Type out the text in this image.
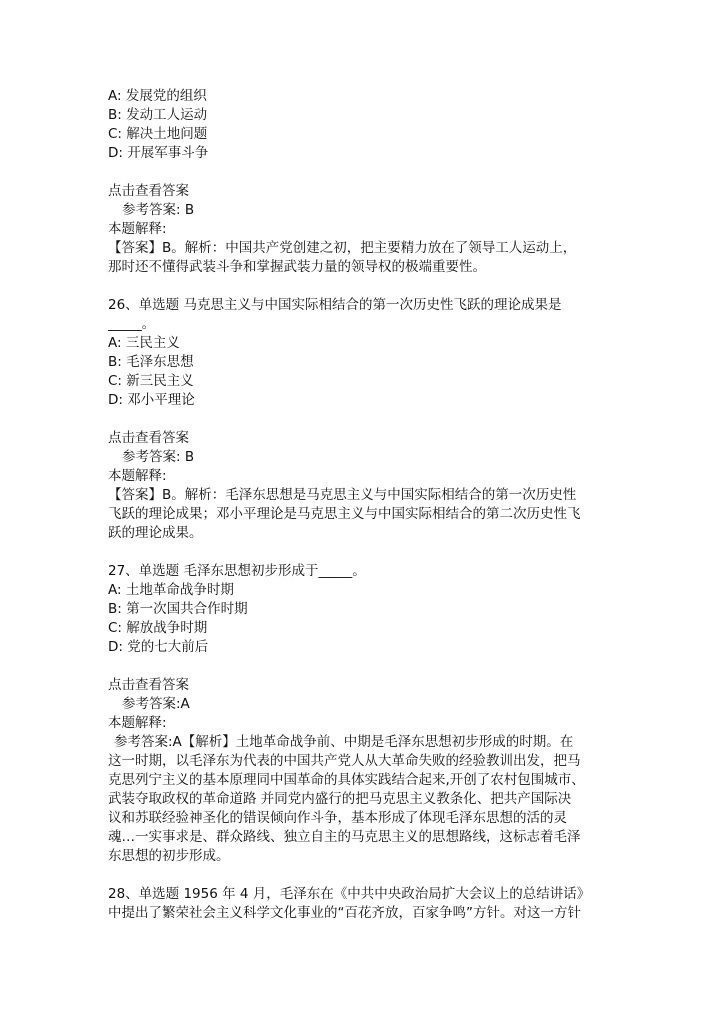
A: 发展党的组织

B: 发动工人运动

C: 解决土地问题

D: 开展军事斗争

点击查看答案

参考答案: B

本题解释:

【答案】B。解析：中国共产党创建之初，把主要精力放在了领导工人运动上，

那时还不懂得武装斗争和掌握武装力量的领导权的极端重要性。

26、单选题 马克思主义与中国实际相结合的第一次历史性飞跃的理论成果是

_____。

A: 三民主义

B: 毛泽东思想

C: 新三民主义

D: 邓小平理论

点击查看答案

参考答案: B

本题解释:

【答案】B。解析：毛泽东思想是马克思主义与中国实际相结合的第一次历史性

飞跃的理论成果；邓小平理论是马克思主义与中国实际相结合的第二次历史性飞

跃的理论成果。

27、单选题 毛泽东思想初步形成于_____。

A: 土地革命战争时期

B: 第一次国共合作时期

C: 解放战争时期

D: 党的七大前后

点击查看答案

参考答案:A

本题解释:

参考答案:A【解析】土地革命战争前、中期是毛泽东思想初步形成的时期。在

这一时期，以毛泽东为代表的中国共产党人从大革命失败的经验教训出发，把马

克思列宁主义的基本原理同中国革命的具体实践结合起来,开创了农村包围城市、

武装夺取政权的革命道路 并同党内盛行的把马克思主义教条化、把共产国际决

议和苏联经验神圣化的错误倾向作斗争，基本形成了体现毛泽东思想的活的灵

魂…一实事求是、群众路线、独立自主的马克思主义的思想路线，这标志着毛泽

东思想的初步形成。

28、单选题 1956 年 4 月，毛泽东在《中共中央政治局扩大会议上的总结讲话》

中提出了繁荣社会主义科学文化事业的“百花齐放，百家争鸣”方针。对这一方针
